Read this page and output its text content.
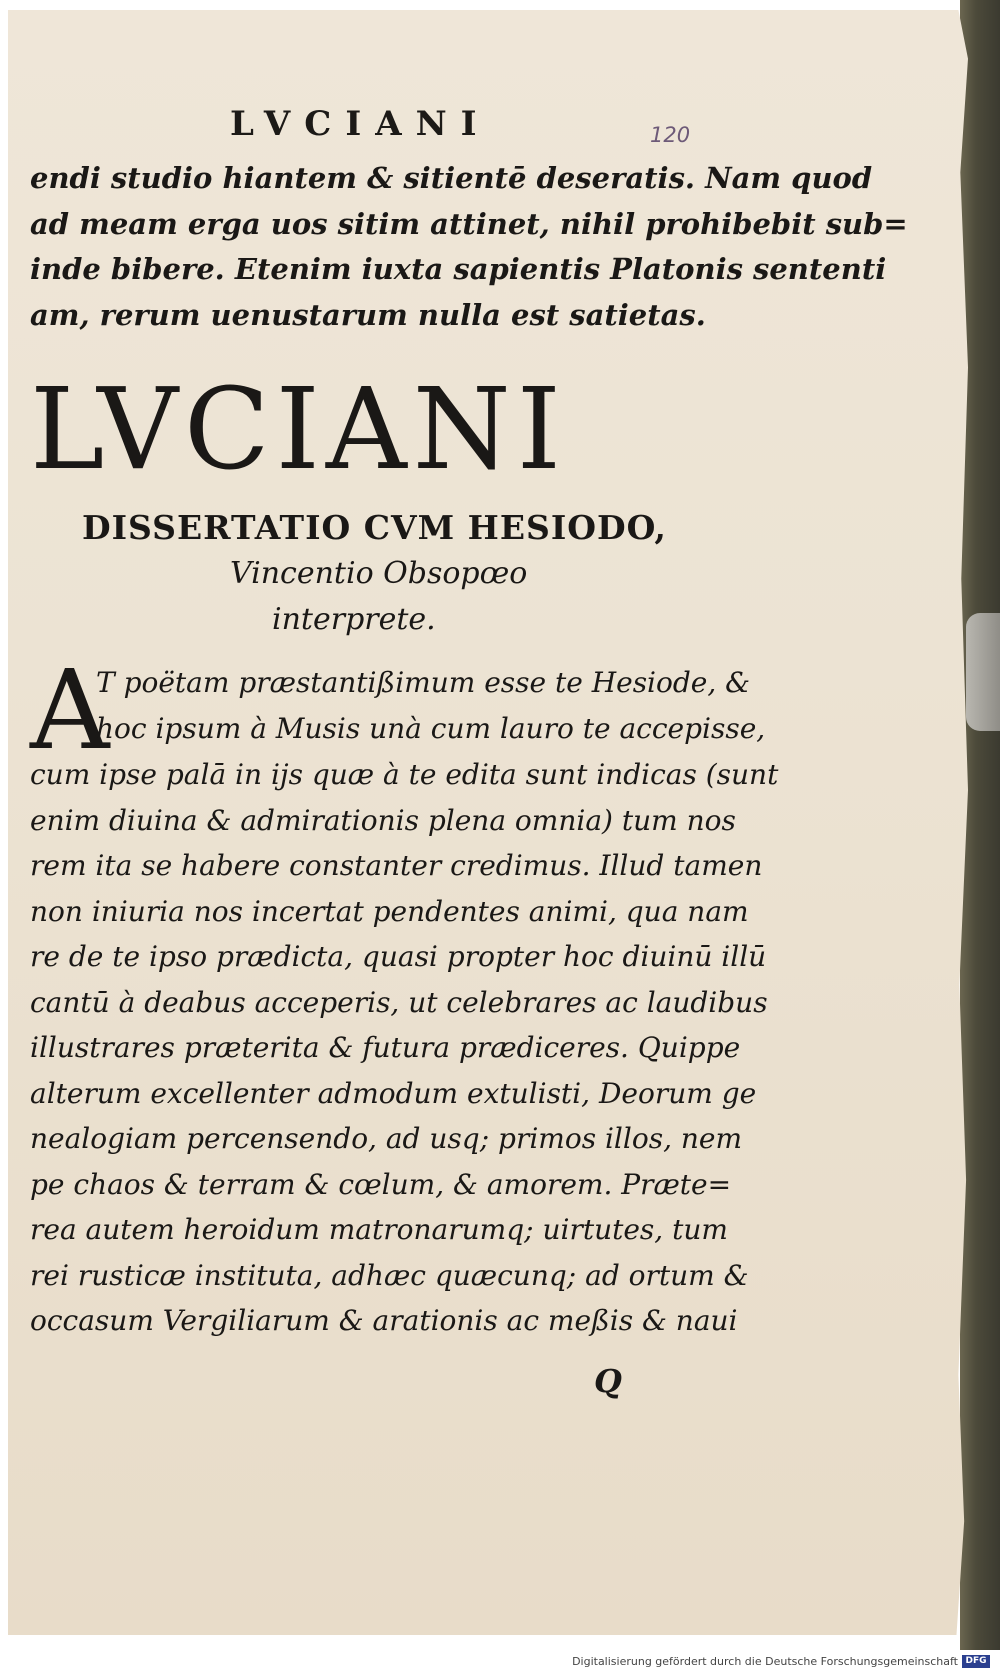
LVCIANI	120
endi studio hiantem & sitientē deseratis. Nam quod
ad meam erga uos sitim attinet, nihil prohibebit sub=
inde bibere. Etenim iuxta sapientis Platonis sententi
am, rerum uenustarum nulla est satietas.
LVCIANI
DISSERTATIO CVM HESIODO,
Vincentio Obsopœo
interprete.
A
T poëtam præstantißimum esse te Hesiode, &
hoc ipsum à Musis unà cum lauro te accepisse,
cum ipse palā in ijs quæ à te edita sunt indicas (sunt
enim diuina & admirationis plena omnia) tum nos
rem ita se habere constanter credimus. Illud tamen
non iniuria nos incertat pendentes animi, qua nam
re de te ipso prædicta, quasi propter hoc diuinū illū
cantū à deabus acceperis, ut celebrares ac laudibus
illustrares præterita & futura prædiceres. Quippe
alterum excellenter admodum extulisti, Deorum ge
nealogiam percensendo, ad usq; primos illos, nem
pe chaos & terram & cœlum, & amorem. Præte=
rea autem heroidum matronarumq; uirtutes, tum
rei rusticæ instituta, adhæc quæcunq; ad ortum &
occasum Vergiliarum & arationis ac meßis & naui
Q
Digitalisierung gefördert durch die Deutsche Forschungsgemeinschaft DFG
